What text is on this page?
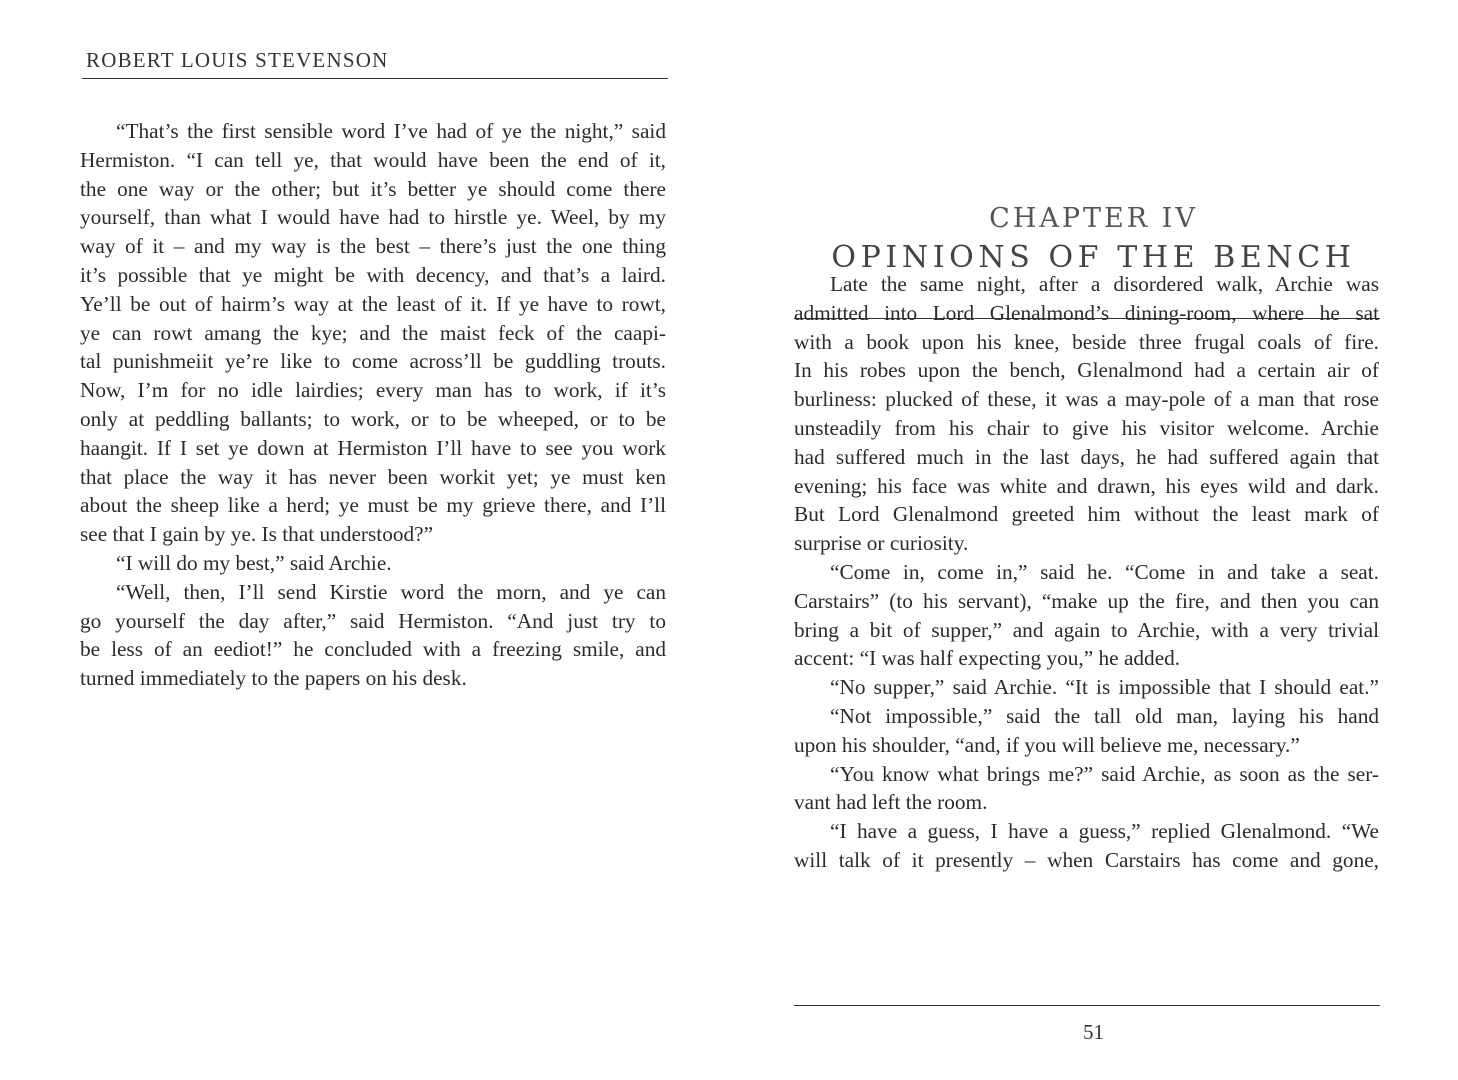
ROBERT LOUIS STEVENSON
“That’s the first sensible word I’ve had of ye the night,” said
Hermiston. “I can tell ye, that would have been the end of it,
the one way or the other; but it’s better ye should come there
yourself, than what I would have had to hirstle ye. Weel, by my
way of it – and my way is the best – there’s just the one thing
it’s possible that ye might be with decency, and that’s a laird.
Ye’ll be out of hairm’s way at the least of it. If ye have to rowt,
ye can rowt amang the kye; and the maist feck of the caapi-
tal punishmeiit ye’re like to come across’ll be guddling trouts.
Now, I’m for no idle lairdies; every man has to work, if it’s
only at peddling ballants; to work, or to be wheeped, or to be
haangit. If I set ye down at Hermiston I’ll have to see you work
that place the way it has never been workit yet; ye must ken
about the sheep like a herd; ye must be my grieve there, and I’ll
see that I gain by ye. Is that understood?”
“I will do my best,” said Archie.
“Well, then, I’ll send Kirstie word the morn, and ye can
go yourself the day after,” said Hermiston. “And just try to
be less of an eediot!” he concluded with a freezing smile, and
turned immediately to the papers on his desk.
CHAPTER IV
OPINIONS OF THE BENCH
Late the same night, after a disordered walk, Archie was
admitted into Lord Glenalmond’s dining-room, where he sat
with a book upon his knee, beside three frugal coals of fire.
In his robes upon the bench, Glenalmond had a certain air of
burliness: plucked of these, it was a may-pole of a man that rose
unsteadily from his chair to give his visitor welcome. Archie
had suffered much in the last days, he had suffered again that
evening; his face was white and drawn, his eyes wild and dark.
But Lord Glenalmond greeted him without the least mark of
surprise or curiosity.
“Come in, come in,” said he. “Come in and take a seat.
Carstairs” (to his servant), “make up the fire, and then you can
bring a bit of supper,” and again to Archie, with a very trivial
accent: “I was half expecting you,” he added.
“No supper,” said Archie. “It is impossible that I should eat.”
“Not impossible,” said the tall old man, laying his hand
upon his shoulder, “and, if you will believe me, necessary.”
“You know what brings me?” said Archie, as soon as the ser-
vant had left the room.
“I have a guess, I have a guess,” replied Glenalmond. “We
will talk of it presently – when Carstairs has come and gone,
51
